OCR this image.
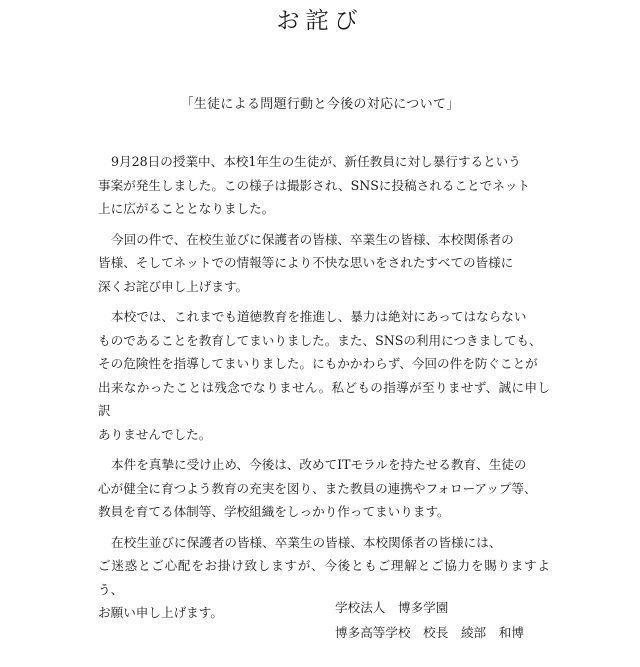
お詫び
「生徒による問題行動と今後の対応について」

9月28日の授業中、本校1年生の生徒が、新任教員に対し暴行するという
事案が発生しました。この様子は撮影され、SNSに投稿されることでネット
上に広がることとなりました。

今回の件で、在校生並びに保護者の皆様、卒業生の皆様、本校関係者の
皆様、そしてネットでの情報等により不快な思いをされたすべての皆様に
深くお詫び申し上げます。

本校では、これまでも道徳教育を推進し、暴力は絶対にあってはならない
ものであることを教育してまいりました。また、SNSの利用につきましても、
その危険性を指導してまいりました。にもかかわらず、今回の件を防ぐことが
出来なかったことは残念でなりません。私どもの指導が至りませず、誠に申し訳
ありませんでした。

本件を真摯に受け止め、今後は、改めてITモラルを持たせる教育、生徒の
心が健全に育つよう教育の充実を図り、また教員の連携やフォローアップ等、
教員を育てる体制等、学校組織をしっかり作ってまいります。

在校生並びに保護者の皆様、卒業生の皆様、本校関係者の皆様には、
ご迷惑とご心配をお掛け致しますが、今後ともご理解とご協力を賜りますよう、
お願い申し上げます。	学校法人　博多学園
博多高等学校　校長　綾部　和博
